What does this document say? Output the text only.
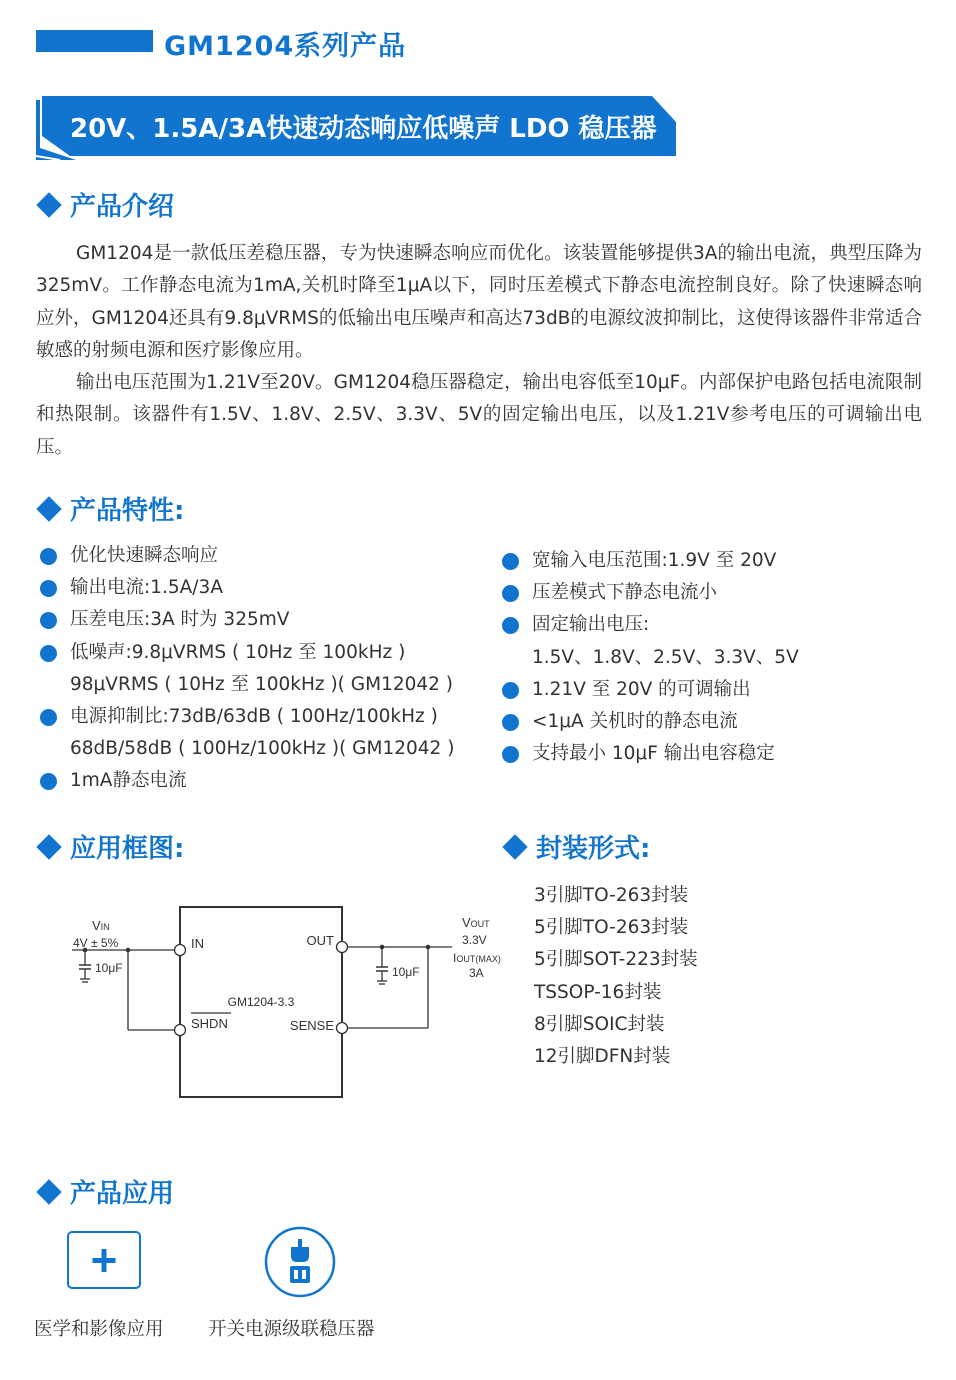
GM1204系列产品
20V、1.5A/3A快速动态响应低噪声 LDO 稳压器
产品介绍

GM1204是一款低压差稳压器，专为快速瞬态响应而优化。该装置能够提供3A的输出电流，典型压降为325mV。工作静态电流为1mA,关机时降至1μA以下，同时压差模式下静态电流控制良好。除了快速瞬态响应外，GM1204还具有9.8μVRMS的低输出电压噪声和高达73dB的电源纹波抑制比，这使得该器件非常适合敏感的射频电源和医疗影像应用。

输出电压范围为1.21V至20V。GM1204稳压器稳定，输出电容低至10μF。内部保护电路包括电流限制和热限制。该器件有1.5V、1.8V、2.5V、3.3V、5V的固定输出电压，以及1.21V参考电压的可调输出电压。

产品特性:
优化快速瞬态响应
输出电流:1.5A/3A
压差电压:3A 时为 325mV
低噪声:9.8μVRMS ( 10Hz 至 100kHz )
98μVRMS ( 10Hz 至 100kHz )( GM12042 )
电源抑制比:73dB/63dB ( 100Hz/100kHz )
68dB/58dB ( 100Hz/100kHz )( GM12042 )
1mA静态电流
宽输入电压范围:1.9V 至 20V
压差模式下静态电流小
固定输出电压:
1.5V、1.8V、2.5V、3.3V、5V
1.21V 至 20V 的可调输出
<1μA 关机时的静态电流
支持最小 10μF 输出电容稳定
应用框图:
IN	OUT
SHDN	SENSE
GM1204-3.3
VIN
4V ± 5%
10μF	10μF
VOUT
3.3V
IOUT(MAX)
3A
封装形式:
3引脚TO-263封装
5引脚TO-263封装
5引脚SOT-223封装
TSSOP-16封装
8引脚SOIC封装
12引脚DFN封装
产品应用
医学和影像应用 开关电源级联稳压器
